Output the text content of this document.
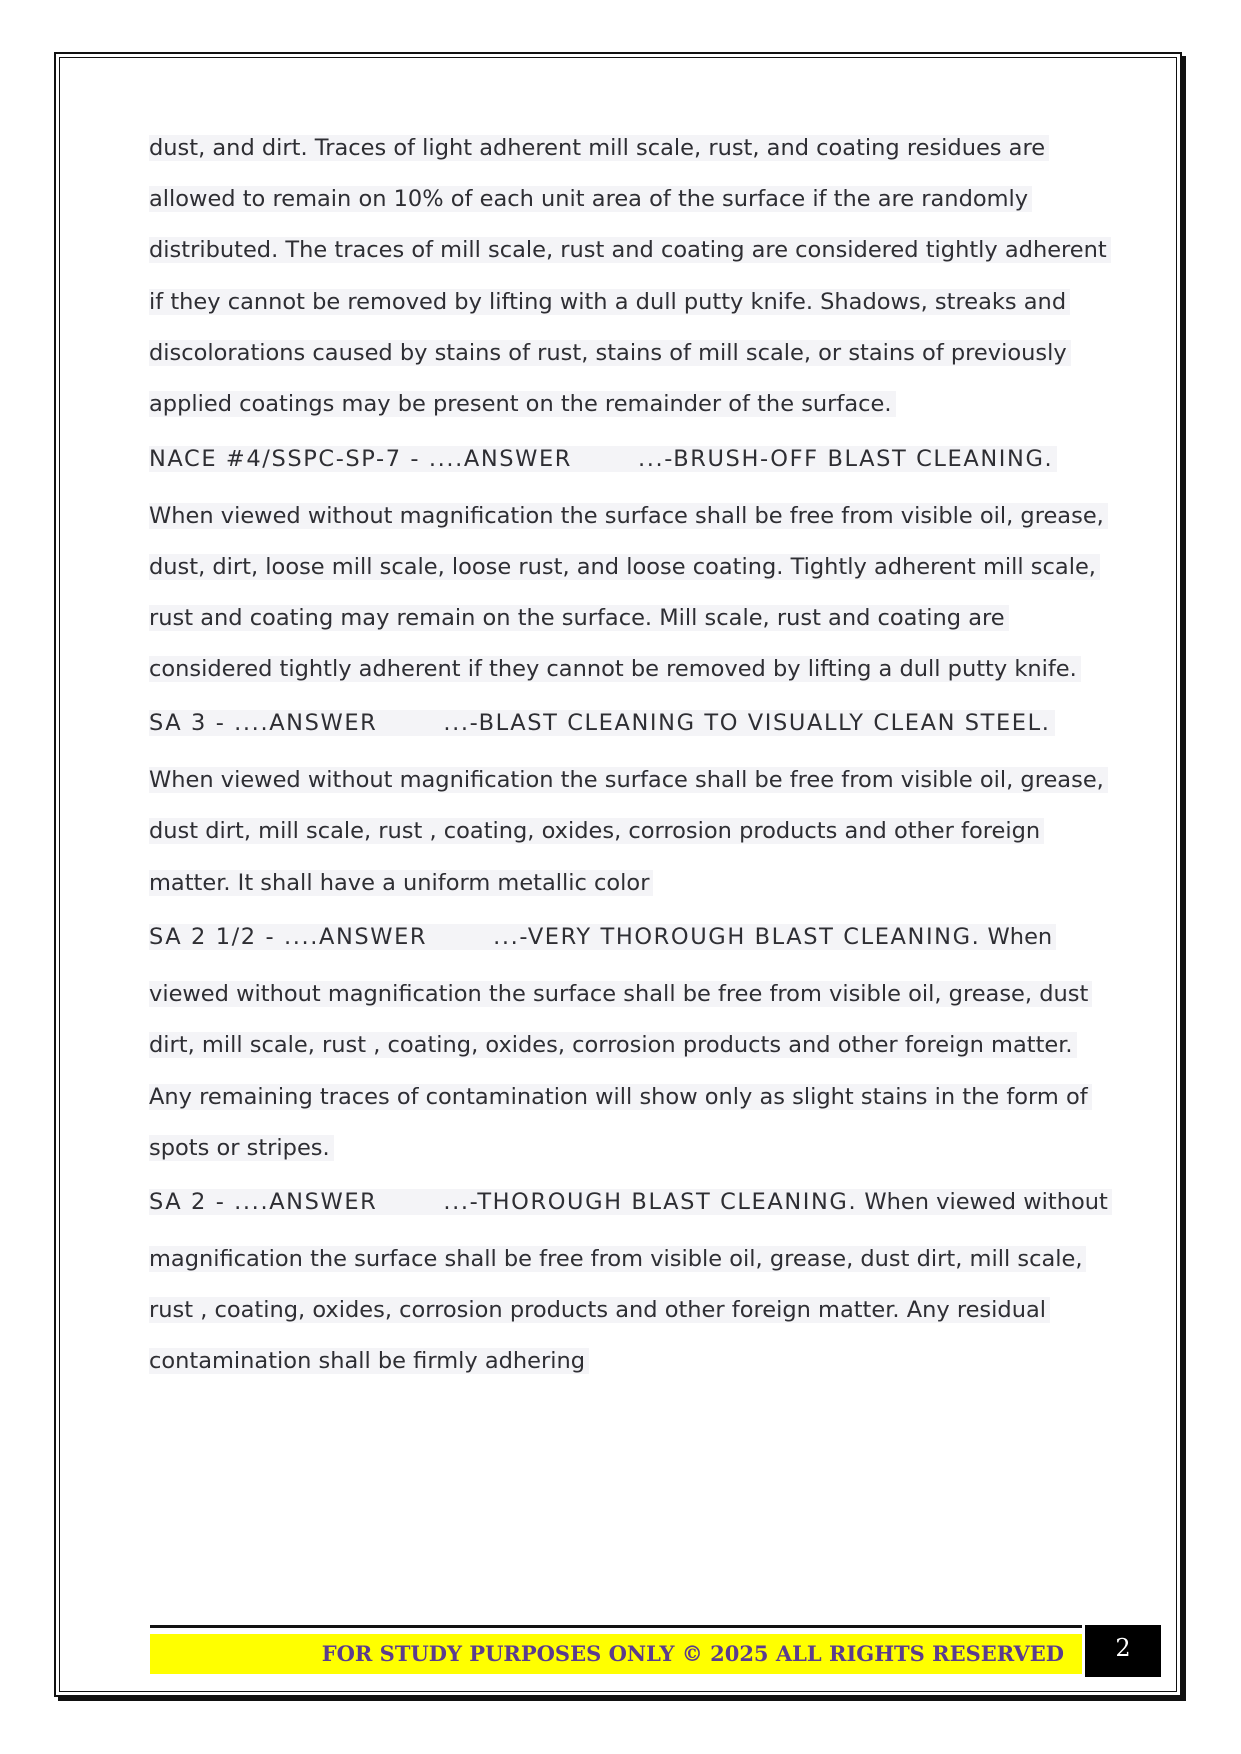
dust, and dirt. Traces of light adherent mill scale, rust, and coating residues are
allowed to remain on 10% of each unit area of the surface if the are randomly
distributed. The traces of mill scale, rust and coating are considered tightly adherent
if they cannot be removed by lifting with a dull putty knife. Shadows, streaks and
discolorations caused by stains of rust, stains of mill scale, or stains of previously
applied coatings may be present on the remainder of the surface.
NACE #4/SSPC-SP-7 - ....ANSWER	...-BRUSH-OFF BLAST CLEANING.
When viewed without magnification the surface shall be free from visible oil, grease,
dust, dirt, loose mill scale, loose rust, and loose coating. Tightly adherent mill scale,
rust and coating may remain on the surface. Mill scale, rust and coating are
considered tightly adherent if they cannot be removed by lifting a dull putty knife.
SA 3 - ....ANSWER	...-BLAST CLEANING TO VISUALLY CLEAN STEEL.
When viewed without magnification the surface shall be free from visible oil, grease,
dust dirt, mill scale, rust , coating, oxides, corrosion products and other foreign
matter. It shall have a uniform metallic color
SA 2 1/2 - ....ANSWER	...-VERY THOROUGH BLAST CLEANING. When
viewed without magnification the surface shall be free from visible oil, grease, dust
dirt, mill scale, rust , coating, oxides, corrosion products and other foreign matter.
Any remaining traces of contamination will show only as slight stains in the form of
spots or stripes.
SA 2 - ....ANSWER	...-THOROUGH BLAST CLEANING. When viewed without
magnification the surface shall be free from visible oil, grease, dust dirt, mill scale,
rust , coating, oxides, corrosion products and other foreign matter. Any residual
contamination shall be firmly adhering
FOR STUDY PURPOSES ONLY © 2025 ALL RIGHTS RESERVED	2
